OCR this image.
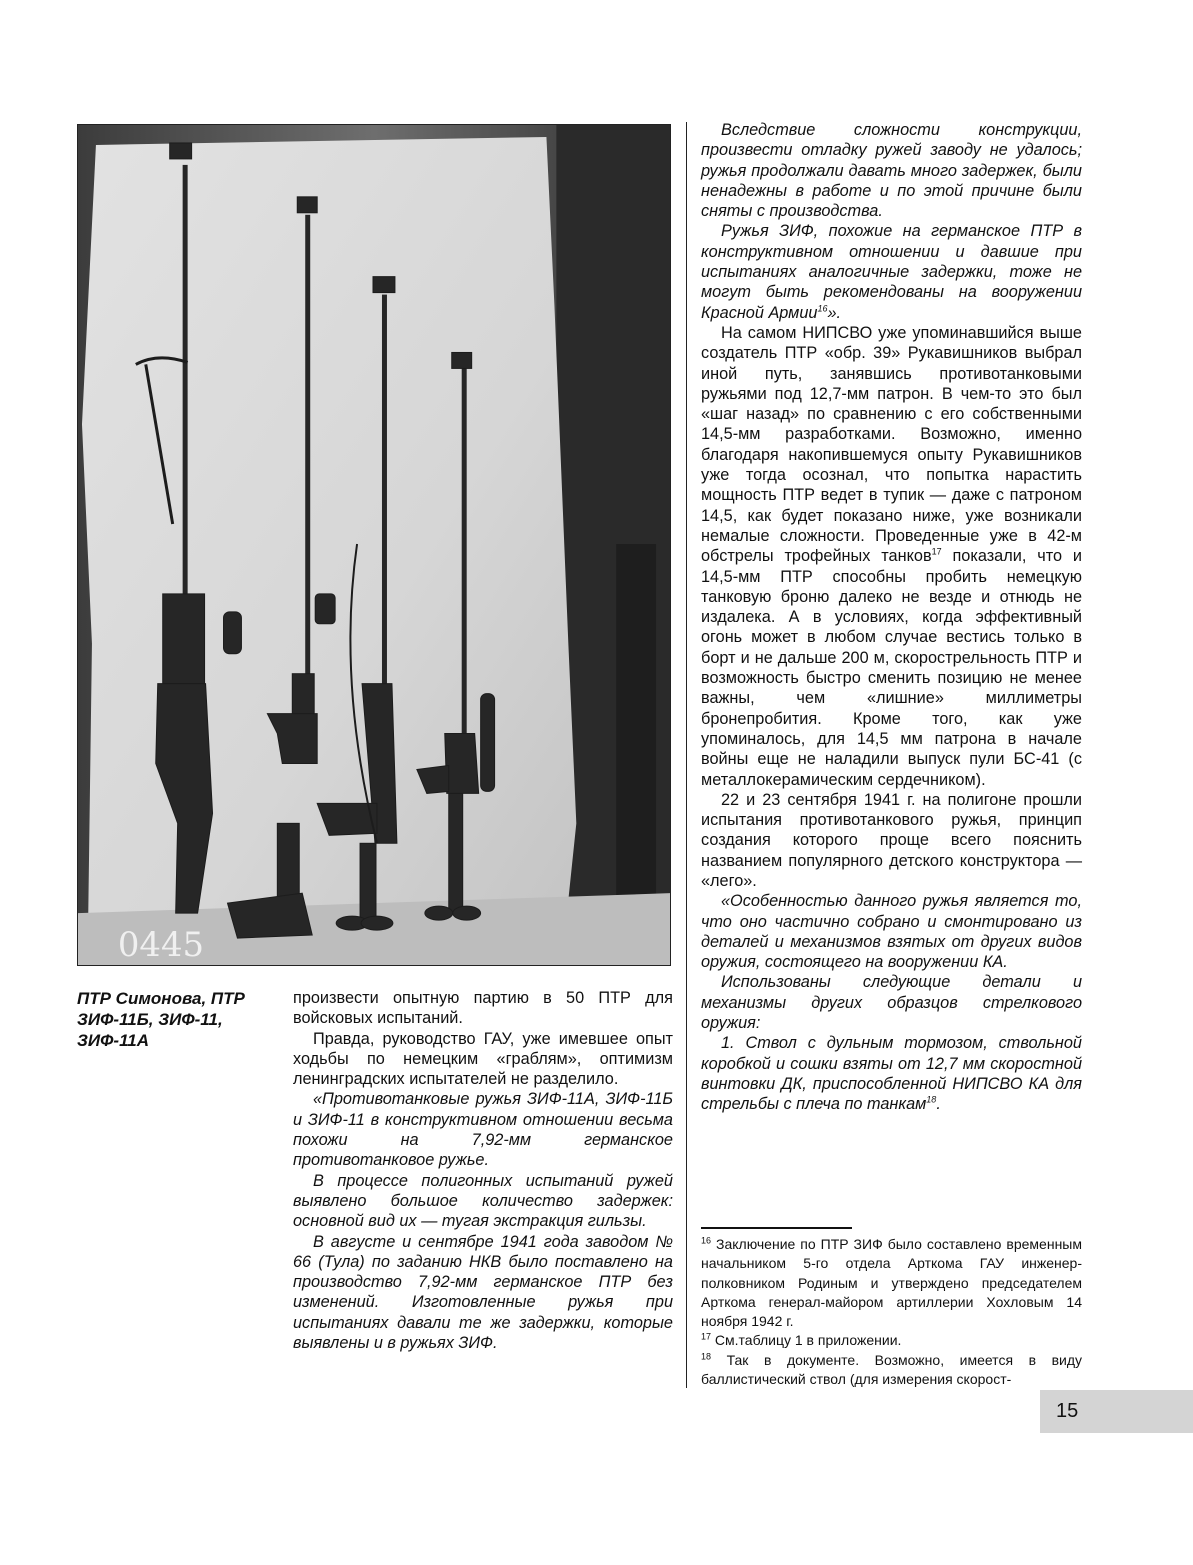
0445
ПТР Симонова, ПТР ЗИФ-11Б, ЗИФ-11, ЗИФ-11А

произвести опытную партию в 50 ПТР для войсковых испытаний.

Правда, руководство ГАУ, уже имевшее опыт ходьбы по немецким «граблям», оптимизм ленинградских испытателей не разделило.

«Противотанковые ружья ЗИФ-11А, ЗИФ-11Б и ЗИФ-11 в конструктивном отношении весьма похожи на 7,92-мм германское противотанковое ружье.

В процессе полигонных испытаний ружей выявлено большое количество задержек: основной вид их — тугая экстракция гильзы.

В августе и сентябре 1941 года заводом № 66 (Тула) по заданию НКВ было поставлено на производство 7,92-мм германское ПТР без изменений. Изготовленные ружья при испытаниях давали те же задержки, которые выявлены и в ружьях ЗИФ.

Вследствие сложности конструкции, произвести отладку ружей заводу не удалось; ружья продолжали давать много задержек, были ненадежны в работе и по этой причине были сняты с производства.

Ружья ЗИФ, похожие на германское ПТР в конструктивном отношении и давшие при испытаниях аналогичные задержки, тоже не могут быть рекомендованы на вооружении Красной Армии$^{16}$».

На самом НИПСВО уже упоминавшийся выше создатель ПТР «обр. 39» Рукавишников выбрал иной путь, занявшись противотанковыми ружьями под 12,7-мм патрон. В чем-то это был «шаг назад» по сравнению с его собственными 14,5-мм разработками. Возможно, именно благодаря накопившемуся опыту Рукавишников уже тогда осознал, что попытка нарастить мощность ПТР ведет в тупик — даже с патроном 14,5, как будет показано ниже, уже возникали немалые сложности. Проведенные уже в 42-м обстрелы трофейных танков$^{17}$ показали, что и 14,5-мм ПТР способны пробить немецкую танковую броню далеко не везде и отнюдь не издалека. А в условиях, когда эффективный огонь может в любом случае вестись только в борт и не дальше 200 м, скорострельность ПТР и возможность быстро сменить позицию не менее важны, чем «лишние» миллиметры бронепробития. Кроме того, как уже упоминалось, для 14,5 мм патрона в начале войны еще не наладили выпуск пули БС-41 (с металлокерамическим сердечником).

22 и 23 сентября 1941 г. на полигоне прошли испытания противотанкового ружья, принцип создания которого проще всего пояснить названием популярного детского конструктора — «лего».

«Особенностью данного ружья является то, что оно частично собрано и смонтировано из деталей и механизмов взятых от других видов оружия, состоящего на вооружении КА.

Использованы следующие детали и механизмы других образцов стрелкового оружия:

1. Ствол с дульным тормозом, ствольной коробкой и сошки взяты от 12,7 мм скоростной винтовки ДК, приспособленной НИПСВО КА для стрельбы с плеча по танкам$^{18}$.

$^{16}$ Заключение по ПТР ЗИФ было составлено временным начальником 5-го отдела Арткома ГАУ инженер-полковником Родиным и утверждено председателем Арткома генерал-майором артиллерии Хохловым 14 ноября 1942 г.

$^{17}$ См.таблицу 1 в приложении.

$^{18}$ Так в документе. Возможно, имеется в виду баллистический ствол (для измерения скорост-

15
